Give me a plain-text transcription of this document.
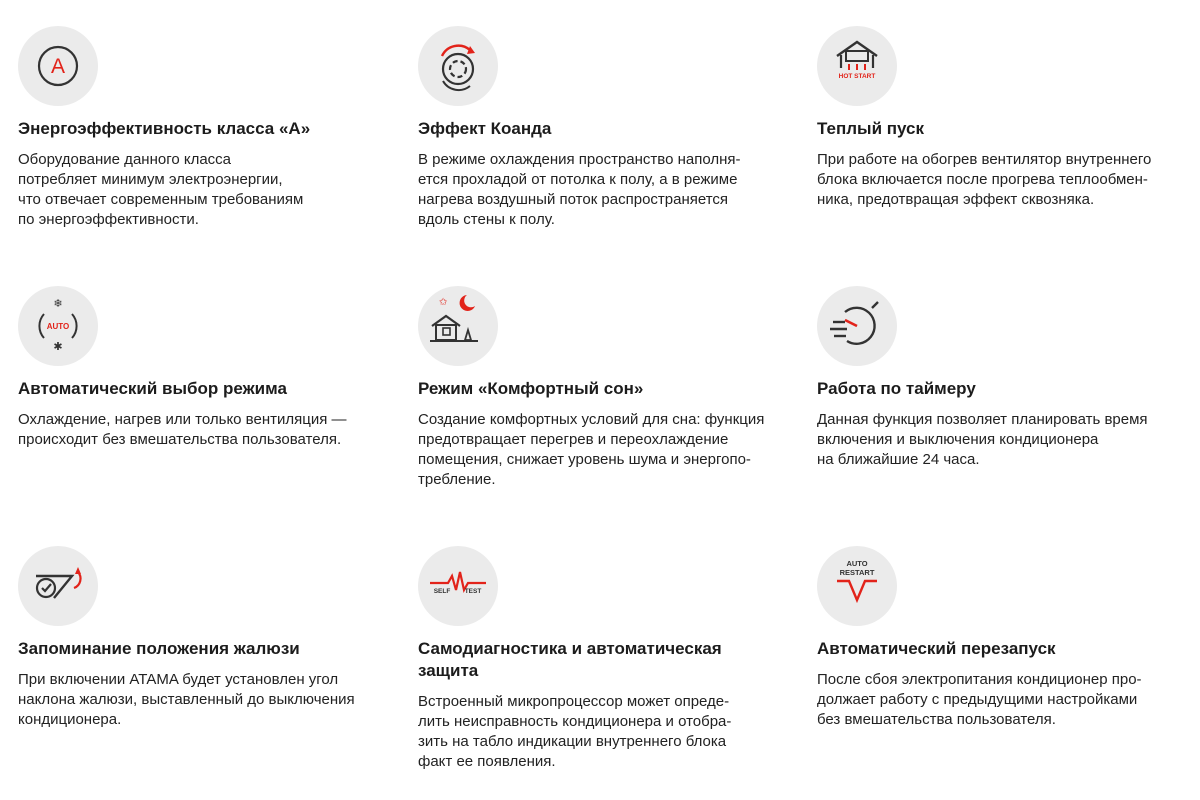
A
Энергоэффективность класса «А»
Оборудование данного класса
потребляет минимум электроэнергии,
что отвечает современным требованиям
по энергоэффективности.
Эффект Коанда
В режиме охлаждения пространство наполня-
ется прохладой от потолка к полу, а в режиме
нагрева воздушный поток распространяется
вдоль стены к полу.
HOT START
Теплый пуск
При работе на обогрев вентилятор внутреннего
блока включается после прогрева теплообмен-
ника, предотвращая эффект сквозняка.
❄
AUTO
✱
Автоматический выбор режима
Охлаждение, нагрев или только вентиляция —
происходит без вмешательства пользователя.
✩
Режим «Комфортный сон»
Создание комфортных условий для сна: функция
предотвращает перегрев и переохлаждение
помещения, снижает уровень шума и энергопо-
требление.
Работа по таймеру
Данная функция позволяет планировать время
включения и выключения кондиционера
на ближайшие 24 часа.
Запоминание положения жалюзи
При включении ATAMA будет установлен угол
наклона жалюзи, выставленный до выключения
кондиционера.
SELF TEST
Самодиагностика и автоматическая
защита
Встроенный микропроцессор может опреде-
лить неисправность кондиционера и отобра-
зить на табло индикации внутреннего блока
факт ее появления.
AUTO
RESTART
Автоматический перезапуск
После сбоя электропитания кондиционер про-
должает работу с предыдущими настройками
без вмешательства пользователя.
